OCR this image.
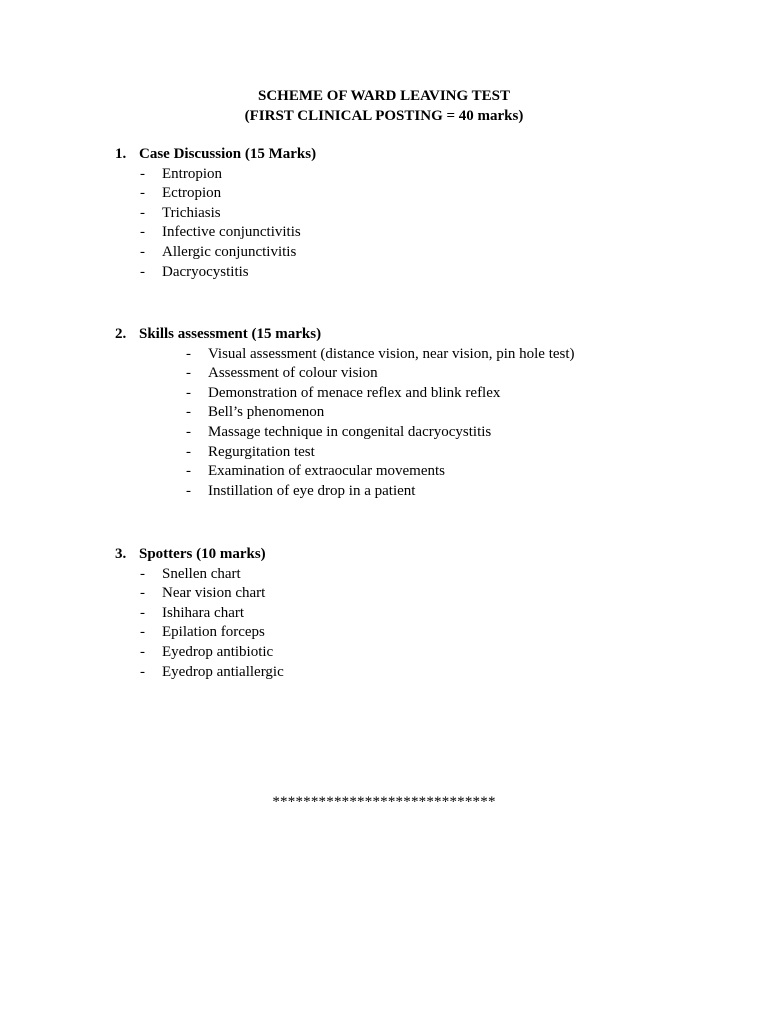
SCHEME OF WARD LEAVING TEST
(FIRST CLINICAL POSTING = 40 marks)
1. Case Discussion (15 Marks)
- Entropion
- Ectropion
- Trichiasis
- Infective conjunctivitis
- Allergic conjunctivitis
- Dacryocystitis
2. Skills assessment (15 marks)
- Visual assessment (distance vision, near vision, pin hole test)
- Assessment of colour vision
- Demonstration of menace reflex and blink reflex
- Bell’s phenomenon
- Massage technique in congenital dacryocystitis
- Regurgitation test
- Examination of extraocular movements
- Instillation of eye drop in a patient
3. Spotters (10 marks)
- Snellen chart
- Near vision chart
- Ishihara chart
- Epilation forceps
- Eyedrop antibiotic
- Eyedrop antiallergic
*****************************
